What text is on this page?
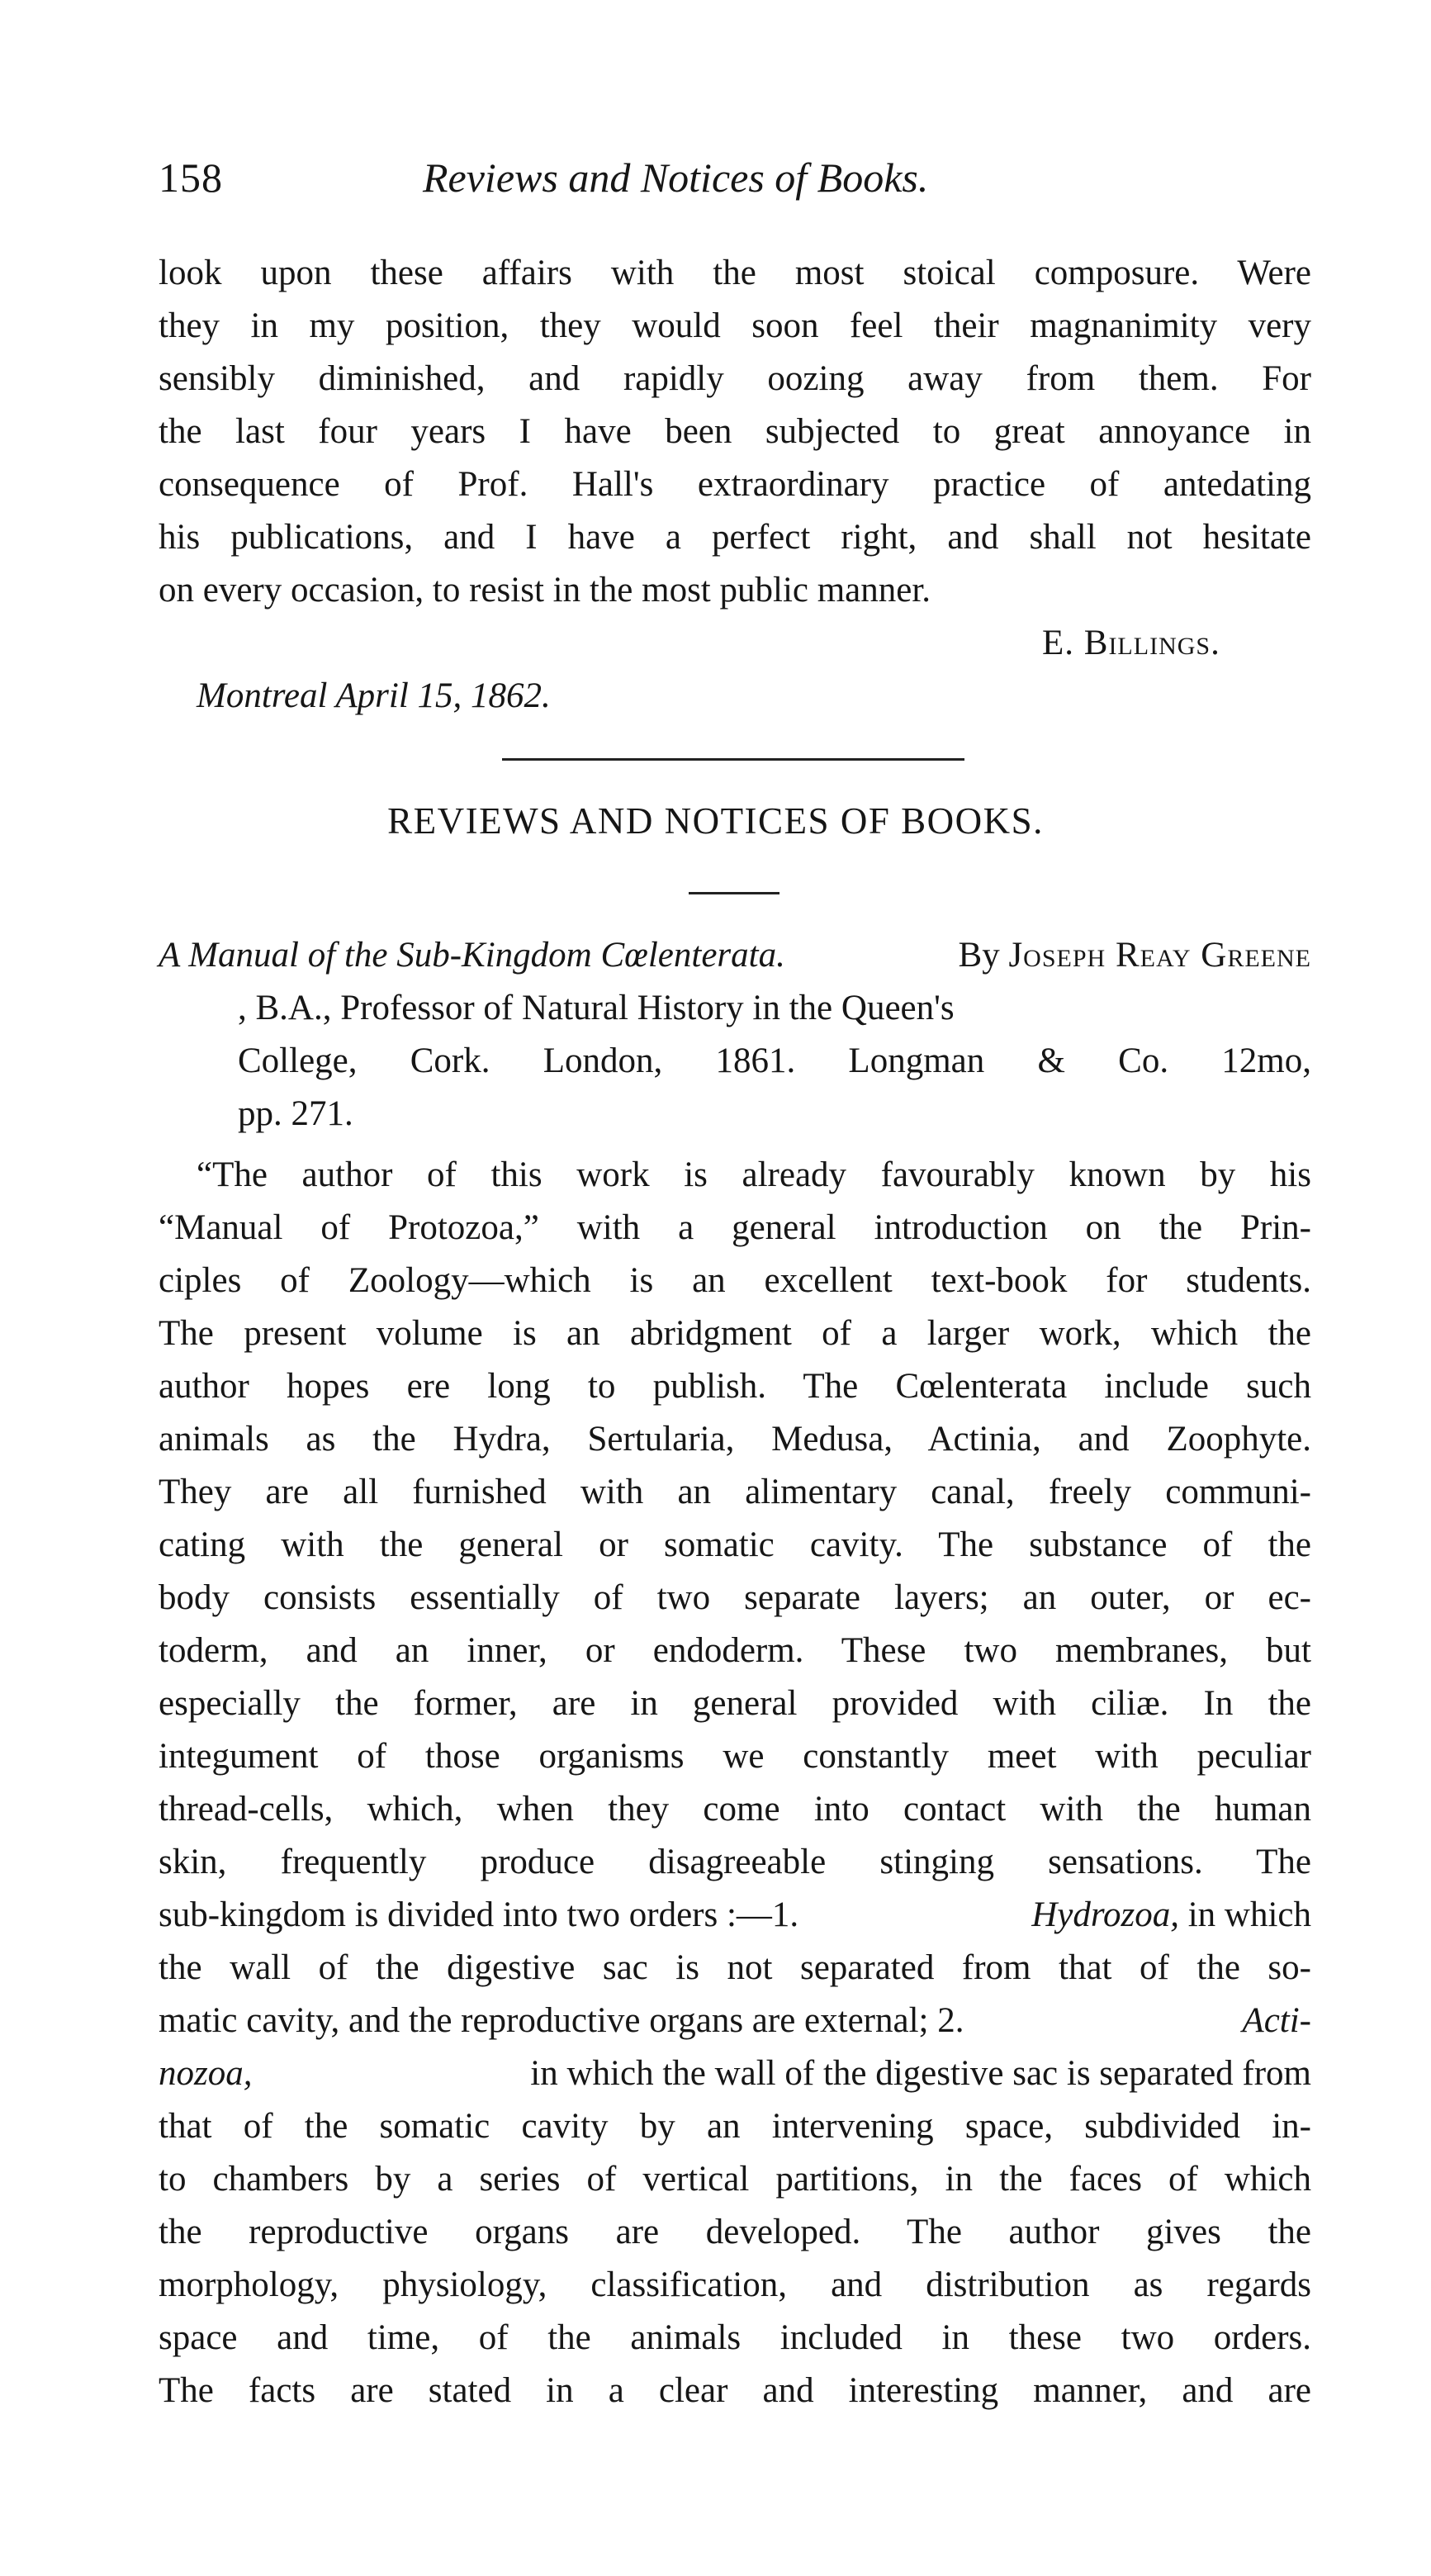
158	Reviews and Notices of Books.
look upon these affairs with the most stoical composure. Were
they in my position, they would soon feel their magnanimity very
sensibly diminished, and rapidly oozing away from them. For
the last four years I have been subjected to great annoyance in
consequence of Prof. Hall's extraordinary practice of antedating
his publications, and I have a perfect right, and shall not hesitate
on every occasion, to resist in the most public manner.
E. Billings.
Montreal April 15, 1862.
REVIEWS AND NOTICES OF BOOKS.
A Manual of the Sub-Kingdom Cœlenterata.	By Joseph Reay Greene
, B.A., Professor of Natural History in the Queen's
College, Cork. London, 1861. Longman & Co. 12mo,
pp. 271.
“The author of this work is already favourably known by his
“Manual of Protozoa,” with a general introduction on the Prin-
ciples of Zoology—which is an excellent text-book for students.
The present volume is an abridgment of a larger work, which the
author hopes ere long to publish. The Cœlenterata include such
animals as the Hydra, Sertularia, Medusa, Actinia, and Zoophyte.
They are all furnished with an alimentary canal, freely communi-
cating with the general or somatic cavity. The substance of the
body consists essentially of two separate layers; an outer, or ec-
toderm, and an inner, or endoderm. These two membranes, but
especially the former, are in general provided with ciliæ. In the
integument of those organisms we constantly meet with peculiar
thread-cells, which, when they come into contact with the human
skin, frequently produce disagreeable stinging sensations. The
sub-kingdom is divided into two orders :—1.	Hydrozoa, in which
the wall of the digestive sac is not separated from that of the so-
matic cavity, and the reproductive organs are external; 2.	Acti-
nozoa,	in which the wall of the digestive sac is separated from
that of the somatic cavity by an intervening space, subdivided in-
to chambers by a series of vertical partitions, in the faces of which
the reproductive organs are developed. The author gives the
morphology, physiology, classification, and distribution as regards
space and time, of the animals included in these two orders.
The facts are stated in a clear and interesting manner, and are
